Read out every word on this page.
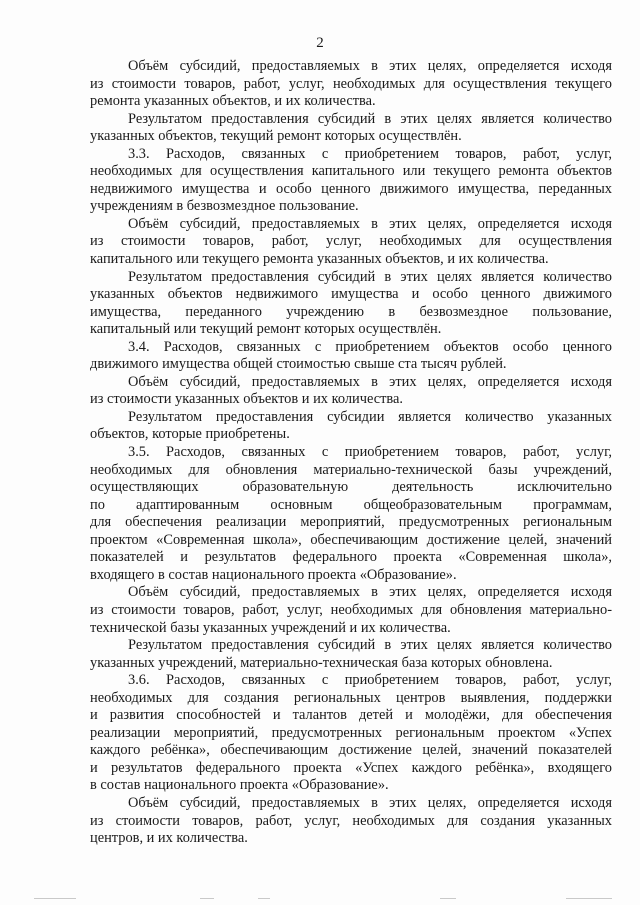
2
Объём субсидий, предоставляемых в этих целях, определяется исходя
из стоимости товаров, работ, услуг, необходимых для осуществления текущего
ремонта указанных объектов, и их количества.
Результатом предоставления субсидий в этих целях является количество
указанных объектов, текущий ремонт которых осуществлён.
3.3. Расходов, связанных с приобретением товаров, работ, услуг,
необходимых для осуществления капитального или текущего ремонта объектов
недвижимого имущества и особо ценного движимого имущества, переданных
учреждениям в безвозмездное пользование.
Объём субсидий, предоставляемых в этих целях, определяется исходя
из стоимости товаров, работ, услуг, необходимых для осуществления
капитального или текущего ремонта указанных объектов, и их количества.
Результатом предоставления субсидий в этих целях является количество
указанных объектов недвижимого имущества и особо ценного движимого
имущества, переданного учреждению в безвозмездное пользование,
капитальный или текущий ремонт которых осуществлён.
3.4. Расходов, связанных с приобретением объектов особо ценного
движимого имущества общей стоимостью свыше ста тысяч рублей.
Объём субсидий, предоставляемых в этих целях, определяется исходя
из стоимости указанных объектов и их количества.
Результатом предоставления субсидии является количество указанных
объектов, которые приобретены.
3.5. Расходов, связанных с приобретением товаров, работ, услуг,
необходимых для обновления материально-технической базы учреждений,
осуществляющих образовательную деятельность исключительно
по адаптированным основным общеобразовательным программам,
для обеспечения реализации мероприятий, предусмотренных региональным
проектом «Современная школа», обеспечивающим достижение целей, значений
показателей и результатов федерального проекта «Современная школа»,
входящего в состав национального проекта «Образование».
Объём субсидий, предоставляемых в этих целях, определяется исходя
из стоимости товаров, работ, услуг, необходимых для обновления материально-
технической базы указанных учреждений и их количества.
Результатом предоставления субсидий в этих целях является количество
указанных учреждений, материально-техническая база которых обновлена.
3.6. Расходов, связанных с приобретением товаров, работ, услуг,
необходимых для создания региональных центров выявления, поддержки
и развития способностей и талантов детей и молодёжи, для обеспечения
реализации мероприятий, предусмотренных региональным проектом «Успех
каждого ребёнка», обеспечивающим достижение целей, значений показателей
и результатов федерального проекта «Успех каждого ребёнка», входящего
в состав национального проекта «Образование».
Объём субсидий, предоставляемых в этих целях, определяется исходя
из стоимости товаров, работ, услуг, необходимых для создания указанных
центров, и их количества.
